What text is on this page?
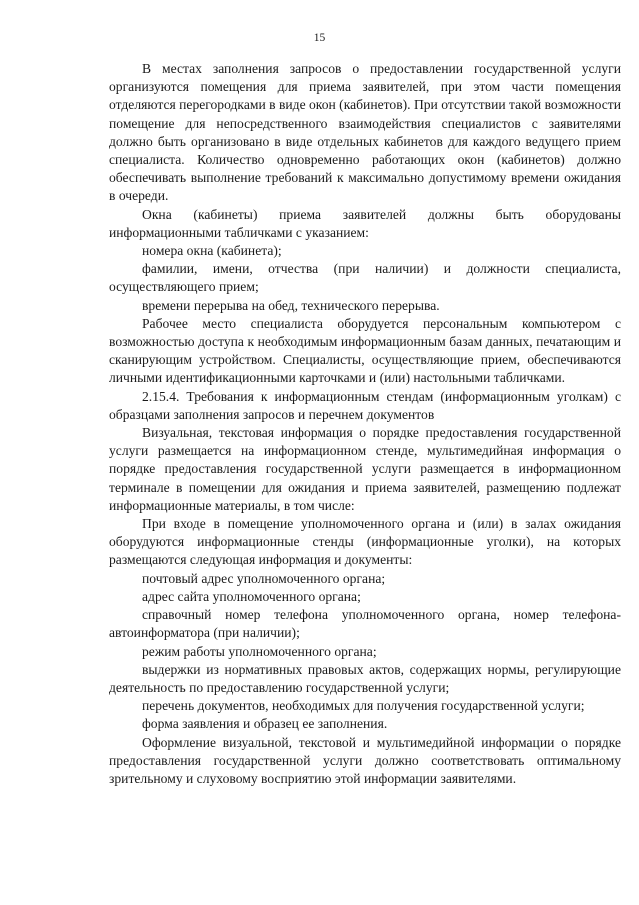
15

В местах заполнения запросов о предоставлении государственной услуги организуются помещения для приема заявителей, при этом части помещения отделяются перегородками в виде окон (кабинетов). При отсутствии такой возможности помещение для непосредственного взаимодействия специалистов с заявителями должно быть организовано в виде отдельных кабинетов для каждого ведущего прием специалиста. Количество одновременно работающих окон (кабинетов) должно обеспечивать выполнение требований к максимально допустимому времени ожидания в очереди.

Окна (кабинеты) приема заявителей должны быть оборудованы информационными табличками с указанием:

номера окна (кабинета);

фамилии, имени, отчества (при наличии) и должности специалиста, осуществляющего прием;

времени перерыва на обед, технического перерыва.

Рабочее место специалиста оборудуется персональным компьютером с возможностью доступа к необходимым информационным базам данных, печатающим и сканирующим устройством. Специалисты, осуществляющие прием, обеспечиваются личными идентификационными карточками и (или) настольными табличками.

2.15.4. Требования к информационным стендам (информационным уголкам) с образцами заполнения запросов и перечнем документов

Визуальная, текстовая информация о порядке предоставления государственной услуги размещается на информационном стенде, мультимедийная информация о порядке предоставления государственной услуги размещается в информационном терминале в помещении для ожидания и приема заявителей, размещению подлежат информационные материалы, в том числе:

При входе в помещение уполномоченного органа и (или) в залах ожидания оборудуются информационные стенды (информационные уголки), на которых размещаются следующая информация и документы:

почтовый адрес уполномоченного органа;

адрес сайта уполномоченного органа;

справочный номер телефона уполномоченного органа, номер телефона-автоинформатора (при наличии);

режим работы уполномоченного органа;

выдержки из нормативных правовых актов, содержащих нормы, регулирующие деятельность по предоставлению государственной услуги;

перечень документов, необходимых для получения государственной услуги;

форма заявления и образец ее заполнения.

Оформление визуальной, текстовой и мультимедийной информации о порядке предоставления государственной услуги должно соответствовать оптимальному зрительному и слуховому восприятию этой информации заявителями.
